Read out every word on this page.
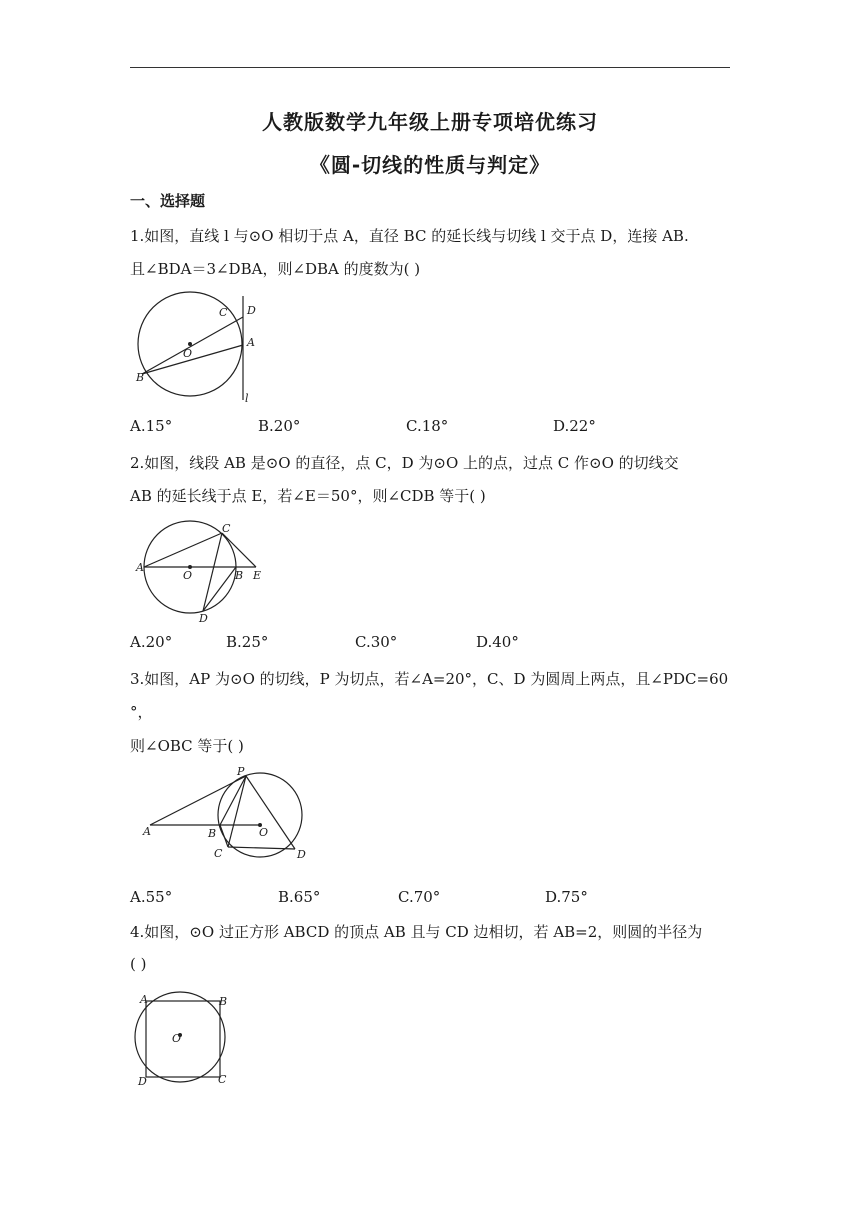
人教版数学九年级上册专项培优练习
《圆-切线的性质与判定》
一、选择题
1.如图，直线 l 与⊙O 相切于点 A，直径 BC 的延长线与切线 l 交于点 D，连接 AB.
且∠BDA＝3∠DBA，则∠DBA 的度数为( )
D
C
O
A
B
l
A.15°	B.20°	C.18°	D.22°
2.如图，线段 AB 是⊙O 的直径，点 C，D 为⊙O 上的点，过点 C 作⊙O 的切线交
AB 的延长线于点 E，若∠E＝50°，则∠CDB 等于( )
C
A
O	B E
D
A.20°	B.25°	C.30°	D.40°
3.如图，AP 为⊙O 的切线，P 为切点，若∠A=20°，C、D 为圆周上两点，且∠PDC=60
°，
则∠OBC 等于( )
P
A	B	O
C	D
A.55°	B.65°	C.70°	D.75°
4.如图，⊙O 过正方形 ABCD 的顶点 AB 且与 CD 边相切，若 AB=2，则圆的半径为
( )
A	B
O
D	C
